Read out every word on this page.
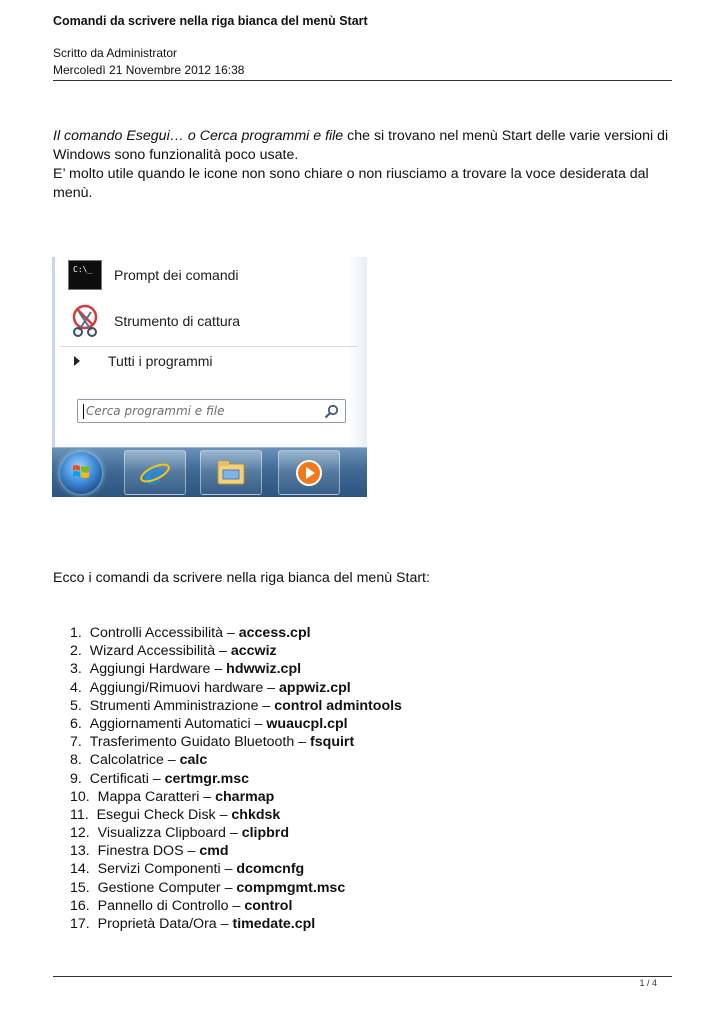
Comandi da scrivere nella riga bianca del menù Start
Scritto da Administrator
Mercoledì 21 Novembre 2012 16:38

Il comando Esegui… o Cerca programmi e file che si trovano nel menù Start delle varie versioni di Windows sono funzionalità poco usate.

E’ molto utile quando le icone non sono chiare o non riusciamo a trovare la voce desiderata dal menù.

C:\_ Prompt dei comandi
Strumento di cattura
Tutti i programmi
Cerca programmi e file
e

Ecco i comandi da scrivere nella riga bianca del menù Start:

1. Controlli Accessibilità – access.cpl
2. Wizard Accessibilità – accwiz
3. Aggiungi Hardware – hdwwiz.cpl
4. Aggiungi/Rimuovi hardware – appwiz.cpl
5. Strumenti Amministrazione – control admintools
6. Aggiornamenti Automatici – wuaucpl.cpl
7. Trasferimento Guidato Bluetooth – fsquirt
8. Calcolatrice – calc
9. Certificati – certmgr.msc
10. Mappa Caratteri – charmap
11. Esegui Check Disk – chkdsk
12. Visualizza Clipboard – clipbrd
13. Finestra DOS – cmd
14. Servizi Componenti – dcomcnfg
15. Gestione Computer – compmgmt.msc
16. Pannello di Controllo – control
17. Proprietà Data/Ora – timedate.cpl
1 / 4
